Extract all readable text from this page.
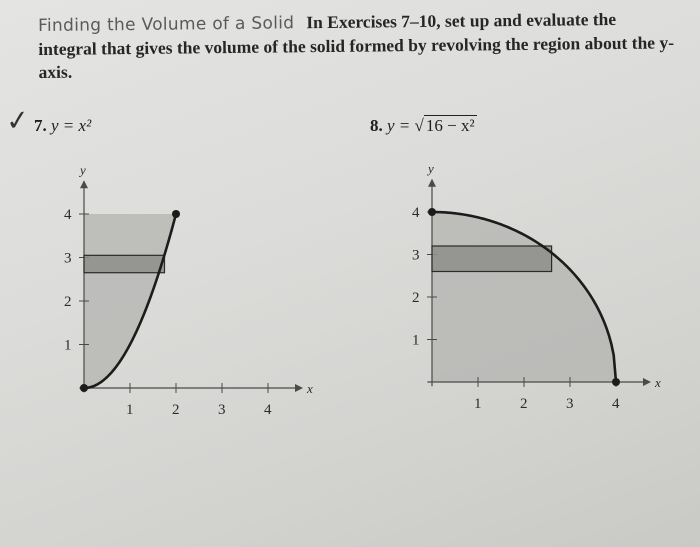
Finding the Volume of a Solid In Exercises 7–10, set up and evaluate the integral that gives the volume of the solid formed by revolving the region about the y-axis.
✓ 7. y = x²	8. y = √ 16 − x²
x
y
1	2	3	4
1
2
3
4
x
y
1	2	3	4
1
2
3
4
